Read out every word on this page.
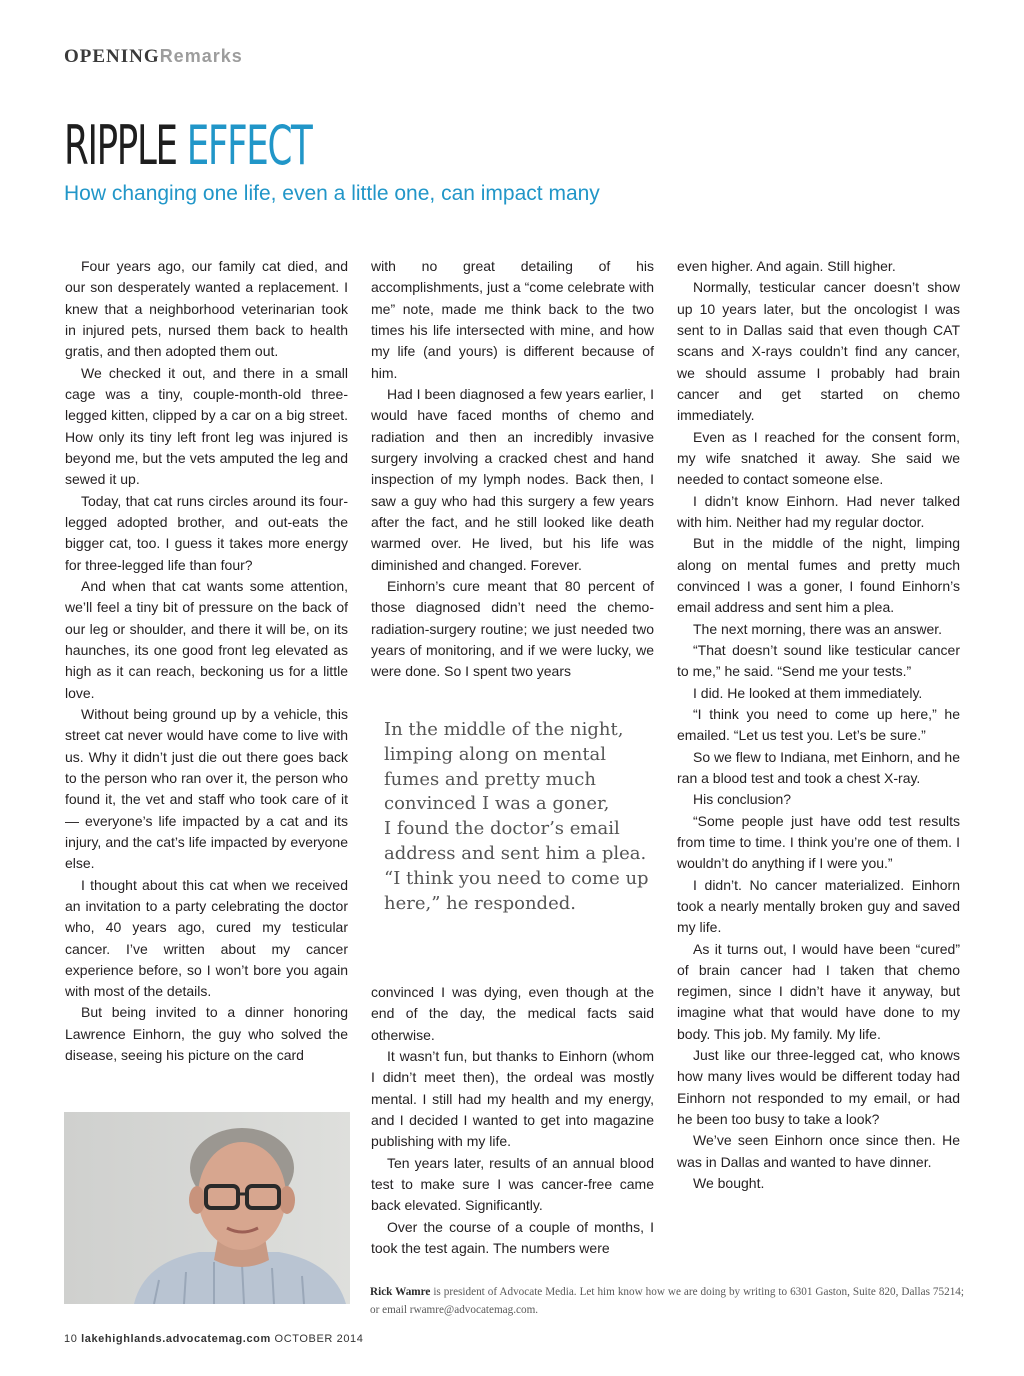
OPENINGRemarks
RIPPLE EFFECT
How changing one life, even a little one, can impact many

Four years ago, our family cat died, and our son desperately wanted a replacement. I knew that a neighborhood veterinarian took in injured pets, nursed them back to health gratis, and then adopted them out.

We checked it out, and there in a small cage was a tiny, couple-month-old three-legged kitten, clipped by a car on a big street. How only its tiny left front leg was injured is beyond me, but the vets amputed the leg and sewed it up.

Today, that cat runs circles around its four-legged adopted brother, and out-eats the bigger cat, too. I guess it takes more energy for three-legged life than four?

And when that cat wants some attention, we’ll feel a tiny bit of pressure on the back of our leg or shoulder, and there it will be, on its haunches, its one good front leg elevated as high as it can reach, beckoning us for a little love.

Without being ground up by a vehicle, this street cat never would have come to live with us. Why it didn’t just die out there goes back to the person who ran over it, the person who found it, the vet and staff who took care of it — everyone’s life impacted by a cat and its injury, and the cat’s life impacted by everyone else.

I thought about this cat when we received an invitation to a party celebrating the doctor who, 40 years ago, cured my testicular cancer. I’ve written about my cancer experience before, so I won’t bore you again with most of the details.

But being invited to a dinner honoring Lawrence Einhorn, the guy who solved the disease, seeing his picture on the card

with no great detailing of his accomplishments, just a “come celebrate with me” note, made me think back to the two times his life intersected with mine, and how my life (and yours) is different because of him.

Had I been diagnosed a few years earlier, I would have faced months of chemo and radiation and then an incredibly invasive surgery involving a cracked chest and hand inspection of my lymph nodes. Back then, I saw a guy who had this surgery a few years after the fact, and he still looked like death warmed over. He lived, but his life was diminished and changed. Forever.

Einhorn’s cure meant that 80 percent of those diagnosed didn’t need the chemo-radiation-surgery routine; we just needed two years of monitoring, and if we were lucky, we were done. So I spent two years

In the middle of the night,
limping along on mental
fumes and pretty much
convinced I was a goner,
I found the doctor’s email
address and sent him a plea.
“I think you need to come up
here,” he responded.

convinced I was dying, even though at the end of the day, the medical facts said otherwise.

It wasn’t fun, but thanks to Einhorn (whom I didn’t meet then), the ordeal was mostly mental. I still had my health and my energy, and I decided I wanted to get into magazine publishing with my life.

Ten years later, results of an annual blood test to make sure I was cancer-free came back elevated. Significantly.

Over the course of a couple of months, I took the test again. The numbers were

even higher. And again. Still higher.

Normally, testicular cancer doesn’t show up 10 years later, but the oncologist I was sent to in Dallas said that even though CAT scans and X-rays couldn’t find any cancer, we should assume I probably had brain cancer and get started on chemo immediately.

Even as I reached for the consent form, my wife snatched it away. She said we needed to contact someone else.

I didn’t know Einhorn. Had never talked with him. Neither had my regular doctor.

But in the middle of the night, limping along on mental fumes and pretty much convinced I was a goner, I found Einhorn’s email address and sent him a plea.

The next morning, there was an answer.

“That doesn’t sound like testicular cancer to me,” he said. “Send me your tests.”

I did. He looked at them immediately.

“I think you need to come up here,” he emailed. “Let us test you. Let’s be sure.”

So we flew to Indiana, met Einhorn, and he ran a blood test and took a chest X-ray.

His conclusion?

“Some people just have odd test results from time to time. I think you’re one of them. I wouldn’t do anything if I were you.”

I didn’t. No cancer materialized. Einhorn took a nearly mentally broken guy and saved my life.

As it turns out, I would have been “cured” of brain cancer had I taken that chemo regimen, since I didn’t have it anyway, but imagine what that would have done to my body. This job. My family. My life.

Just like our three-legged cat, who knows how many lives would be different today had Einhorn not responded to my email, or had he been too busy to take a look?

We’ve seen Einhorn once since then. He was in Dallas and wanted to have dinner.

We bought.

Rick Wamre is president of Advocate Media. Let him know how we are doing by writing to 6301 Gaston, Suite 820, Dallas 75214; or email rwamre@advocatemag.com.

10 lakehighlands.advocatemag.com OCTOBER 2014
